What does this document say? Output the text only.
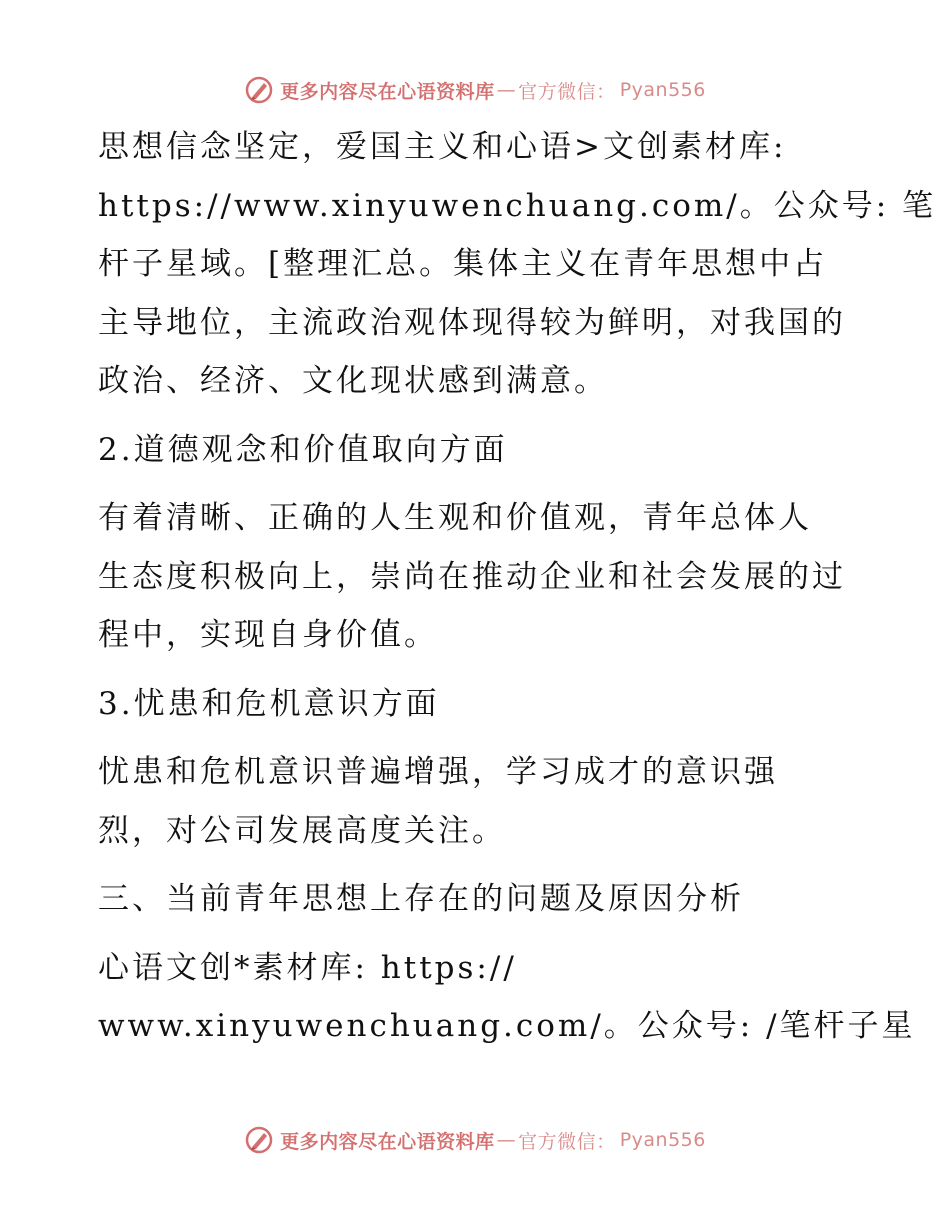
更多内容尽在心语资料库 — 官方微信： Pyan556

思想信念坚定，爱国主义和心语>文创素材库:

https://www.xinyuwenchuang.com/。公众号: 笔

杆子星域。[整理汇总。集体主义在青年思想中占

主导地位，主流政治观体现得较为鲜明，对我国的

政治、经济、文化现状感到满意。

2.道德观念和价值取向方面

有着清晰、正确的人生观和价值观，青年总体人

生态度积极向上，崇尚在推动企业和社会发展的过

程中，实现自身价值。

3.忧患和危机意识方面

忧患和危机意识普遍增强，学习成才的意识强

烈，对公司发展高度关注。

三、当前青年思想上存在的问题及原因分析

心语文创*素材库: https://

www.xinyuwenchuang.com/。公众号: /笔杆子星

更多内容尽在心语资料库 — 官方微信： Pyan556
